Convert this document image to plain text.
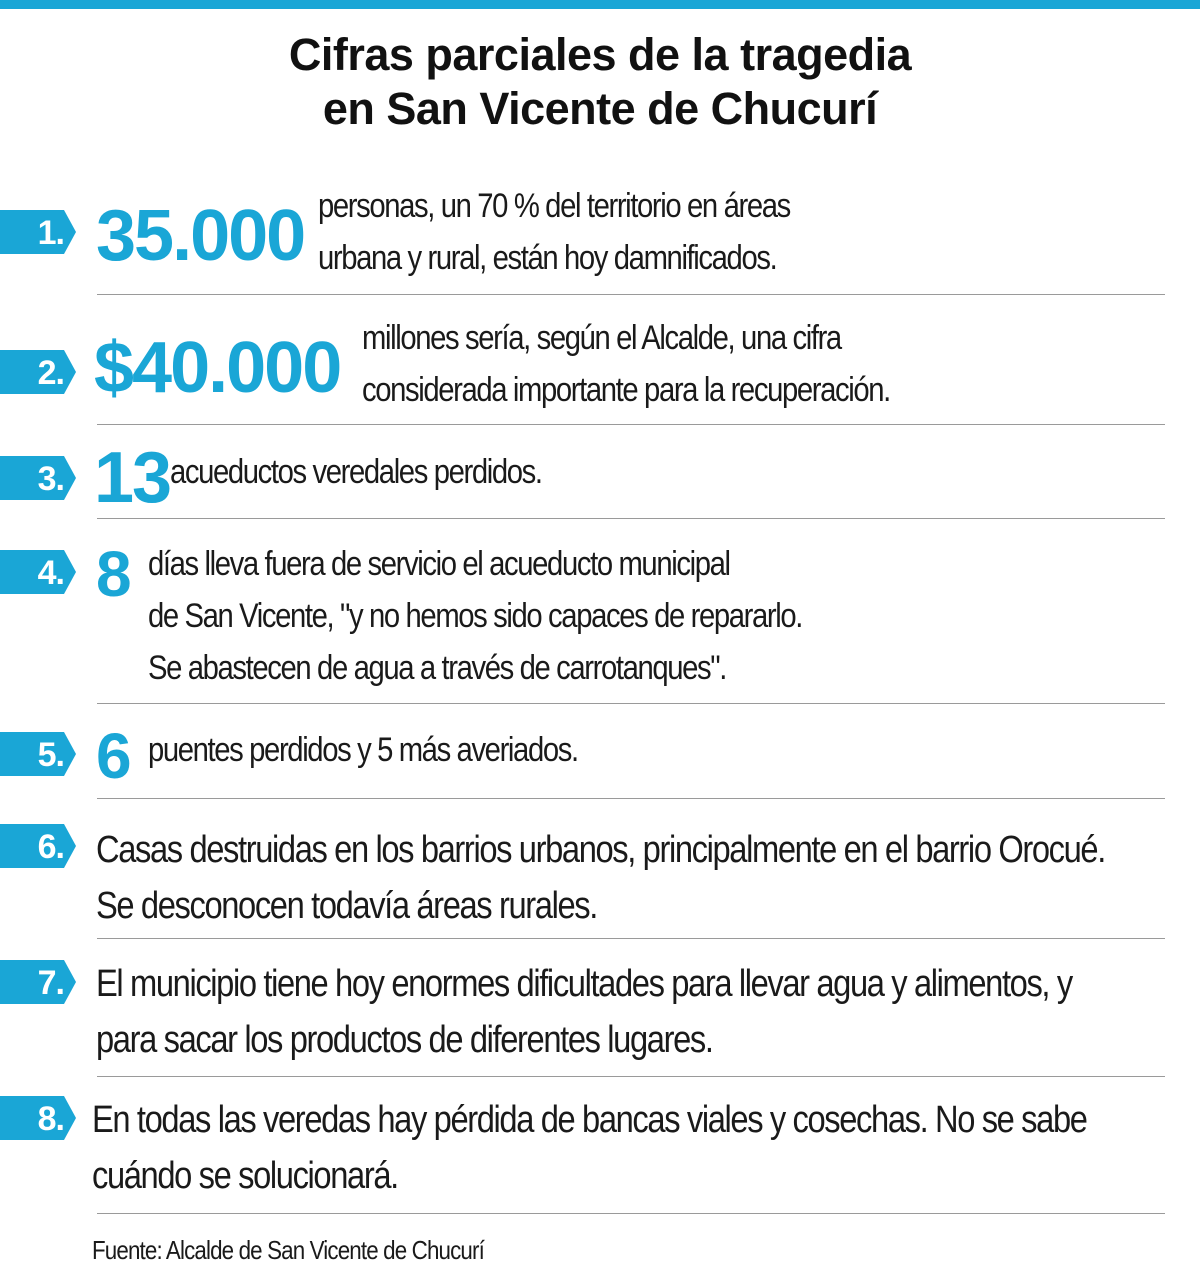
Cifras parciales de la tragedia
en San Vicente de Chucurí
1. 35.000 personas, un 70 % del territorio en áreas
urbana y rural, están hoy damnificados.
2. $40.000 millones sería, según el Alcalde, una cifra
considerada importante para la recuperación.
3. 13 acueductos veredales perdidos.
4. 8 días lleva fuera de servicio el acueducto municipal
de San Vicente, "y no hemos sido capaces de repararlo.
Se abastecen de agua a través de carrotanques".
5. 6 puentes perdidos y 5 más averiados.
6. Casas destruidas en los barrios urbanos, principalmente en el barrio Orocué.
Se desconocen todavía áreas rurales.
7. El municipio tiene hoy enormes dificultades para llevar agua y alimentos, y
para sacar los productos de diferentes lugares.
8. En todas las veredas hay pérdida de bancas viales y cosechas. No se sabe
cuándo se solucionará.
Fuente: Alcalde de San Vicente de Chucurí
